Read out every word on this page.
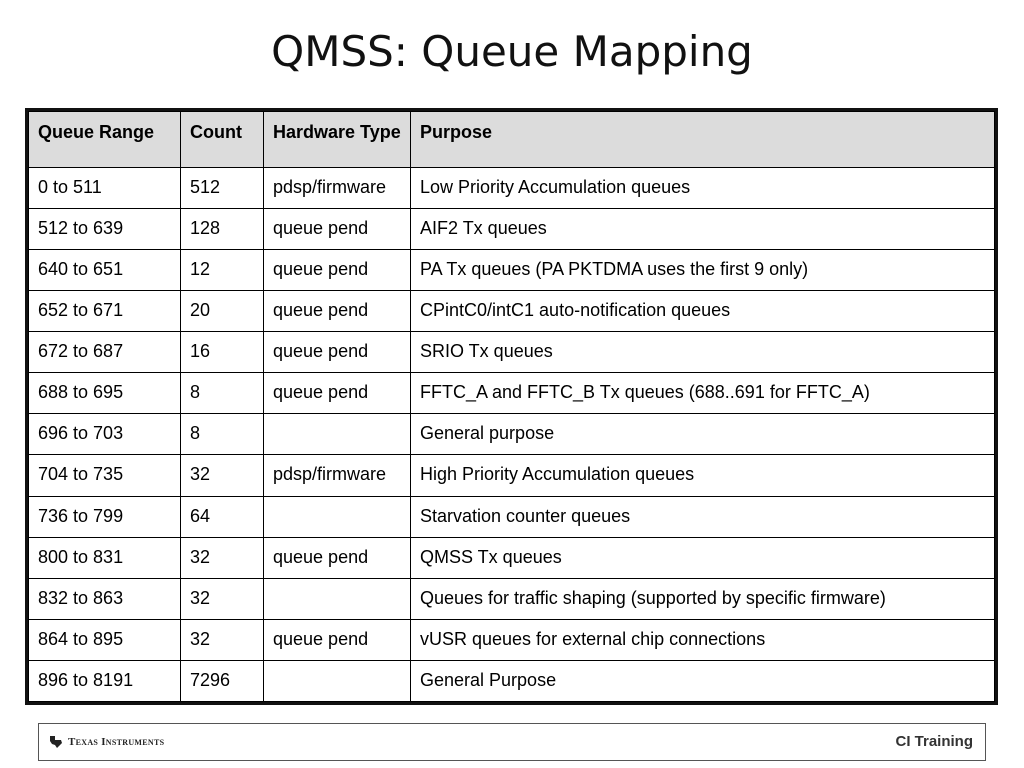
QMSS: Queue Mapping
Queue Range	Count	Hardware Type	Purpose
0 to 511	512	pdsp/firmware	Low Priority Accumulation queues
512 to 639	128	queue pend	AIF2 Tx queues
640 to 651	12	queue pend	PA Tx queues (PA PKTDMA uses the first 9 only)
652 to 671	20	queue pend	CPintC0/intC1 auto-notification queues
672 to 687	16	queue pend	SRIO Tx queues
688 to 695	8	queue pend	FFTC_A and FFTC_B Tx queues (688..691 for FFTC_A)
696 to 703	8		General purpose
704 to 735	32	pdsp/firmware	High Priority Accumulation queues
736 to 799	64		Starvation counter queues
800 to 831	32	queue pend	QMSS Tx queues
832 to 863	32		Queues for traffic shaping (supported by specific firmware)
864 to 895	32	queue pend	vUSR queues for external chip connections
896 to 8191	7296		General Purpose
Texas Instruments	CI Training
